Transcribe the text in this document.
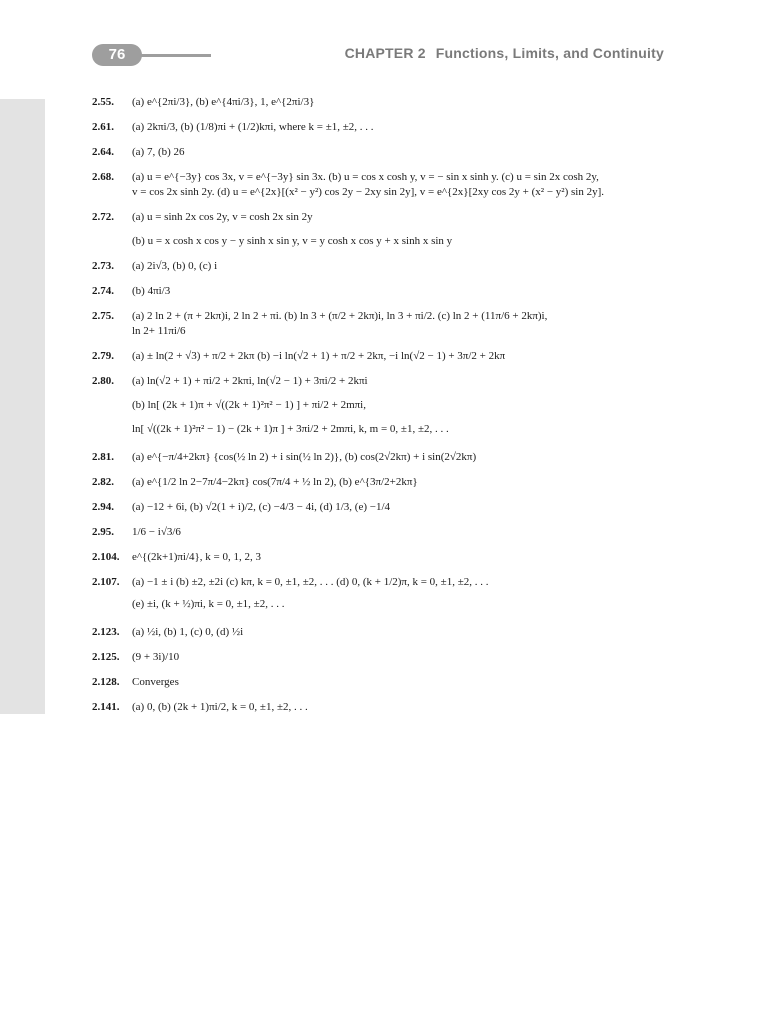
76	CHAPTER 2 Functions, Limits, and Continuity
2.55. (a) e^{2πi/3}, (b) e^{4πi/3}, 1, e^{2πi/3}
2.61. (a) 2kπi/3, (b) (1/8)πi + (1/2)kπi, where k = ±1, ±2, . . .
2.64. (a) 7, (b) 26
2.68. (a) u = e^{−3y} cos 3x, v = e^{−3y} sin 3x. (b) u = cos x cosh y, v = − sin x sinh y. (c) u = sin 2x cosh 2y,
v = cos 2x sinh 2y. (d) u = e^{2x}[(x² − y²) cos 2y − 2xy sin 2y], v = e^{2x}[2xy cos 2y + (x² − y²) sin 2y].
2.72. (a) u = sinh 2x cos 2y, v = cosh 2x sin 2y
(b) u = x cosh x cos y − y sinh x sin y, v = y cosh x cos y + x sinh x sin y
2.73. (a) 2i√3, (b) 0, (c) i
2.74. (b) 4πi/3
2.75. (a) 2 ln 2 + (π + 2kπ)i, 2 ln 2 + πi. (b) ln 3 + (π/2 + 2kπ)i, ln 3 + πi/2. (c) ln 2 + (11π/6 + 2kπ)i,
ln 2+ 11πi/6
2.79. (a) ± ln(2 + √3) + π/2 + 2kπ (b) −i ln(√2 + 1) + π/2 + 2kπ, −i ln(√2 − 1) + 3π/2 + 2kπ
2.80. (a) ln(√2 + 1) + πi/2 + 2kπi, ln(√2 − 1) + 3πi/2 + 2kπi
(b) ln[ (2k + 1)π + √((2k + 1)²π² − 1) ] + πi/2 + 2mπi,
ln[ √((2k + 1)²π² − 1) − (2k + 1)π ] + 3πi/2 + 2mπi, k, m = 0, ±1, ±2, . . .
2.81. (a) e^{−π/4+2kπ} {cos(½ ln 2) + i sin(½ ln 2)}, (b) cos(2√2kπ) + i sin(2√2kπ)
2.82. (a) e^{1/2 ln 2−7π/4−2kπ} cos(7π/4 + ½ ln 2), (b) e^{3π/2+2kπ}
2.94. (a) −12 + 6i, (b) √2(1 + i)/2, (c) −4/3 − 4i, (d) 1/3, (e) −1/4
2.95. 1/6 − i√3/6
2.104. e^{(2k+1)πi/4}, k = 0, 1, 2, 3
2.107. (a) −1 ± i (b) ±2, ±2i (c) kπ, k = 0, ±1, ±2, . . . (d) 0, (k + 1/2)π, k = 0, ±1, ±2, . . .
(e) ±i, (k + ½)πi, k = 0, ±1, ±2, . . .
2.123. (a) ½i, (b) 1, (c) 0, (d) ½i
2.125. (9 + 3i)/10
2.128. Converges
2.141. (a) 0, (b) (2k + 1)πi/2, k = 0, ±1, ±2, . . .
